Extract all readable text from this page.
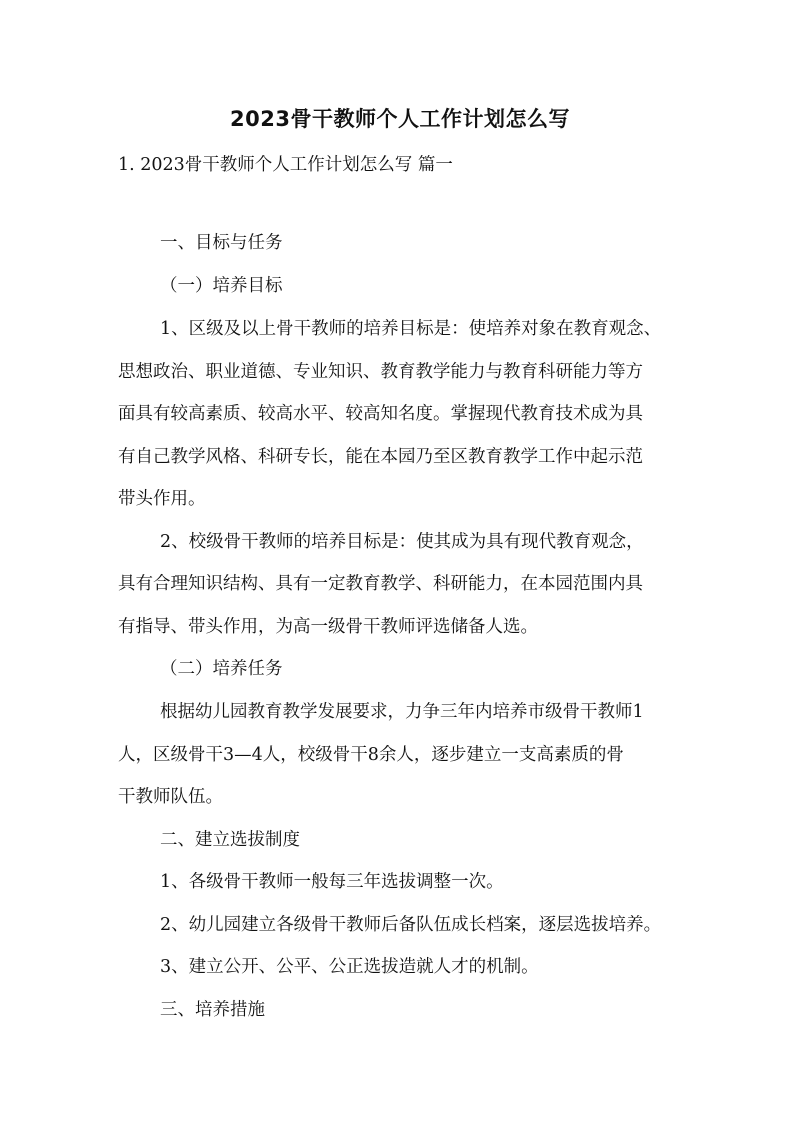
2023骨干教师个人工作计划怎么写
1. 2023骨干教师个人工作计划怎么写 篇一
一、目标与任务
（一）培养目标
1、区级及以上骨干教师的培养目标是：使培养对象在教育观念、
思想政治、职业道德、专业知识、教育教学能力与教育科研能力等方
面具有较高素质、较高水平、较高知名度。掌握现代教育技术成为具
有自己教学风格、科研专长，能在本园乃至区教育教学工作中起示范
带头作用。
2、校级骨干教师的培养目标是：使其成为具有现代教育观念，
具有合理知识结构、具有一定教育教学、科研能力，在本园范围内具
有指导、带头作用，为高一级骨干教师评选储备人选。
（二）培养任务
根据幼儿园教育教学发展要求，力争三年内培养市级骨干教师1
人，区级骨干3—4人，校级骨干8余人，逐步建立一支高素质的骨
干教师队伍。
二、建立选拔制度
1、各级骨干教师一般每三年选拔调整一次。
2、幼儿园建立各级骨干教师后备队伍成长档案，逐层选拔培养。
3、建立公开、公平、公正选拔造就人才的机制。
三、培养措施
